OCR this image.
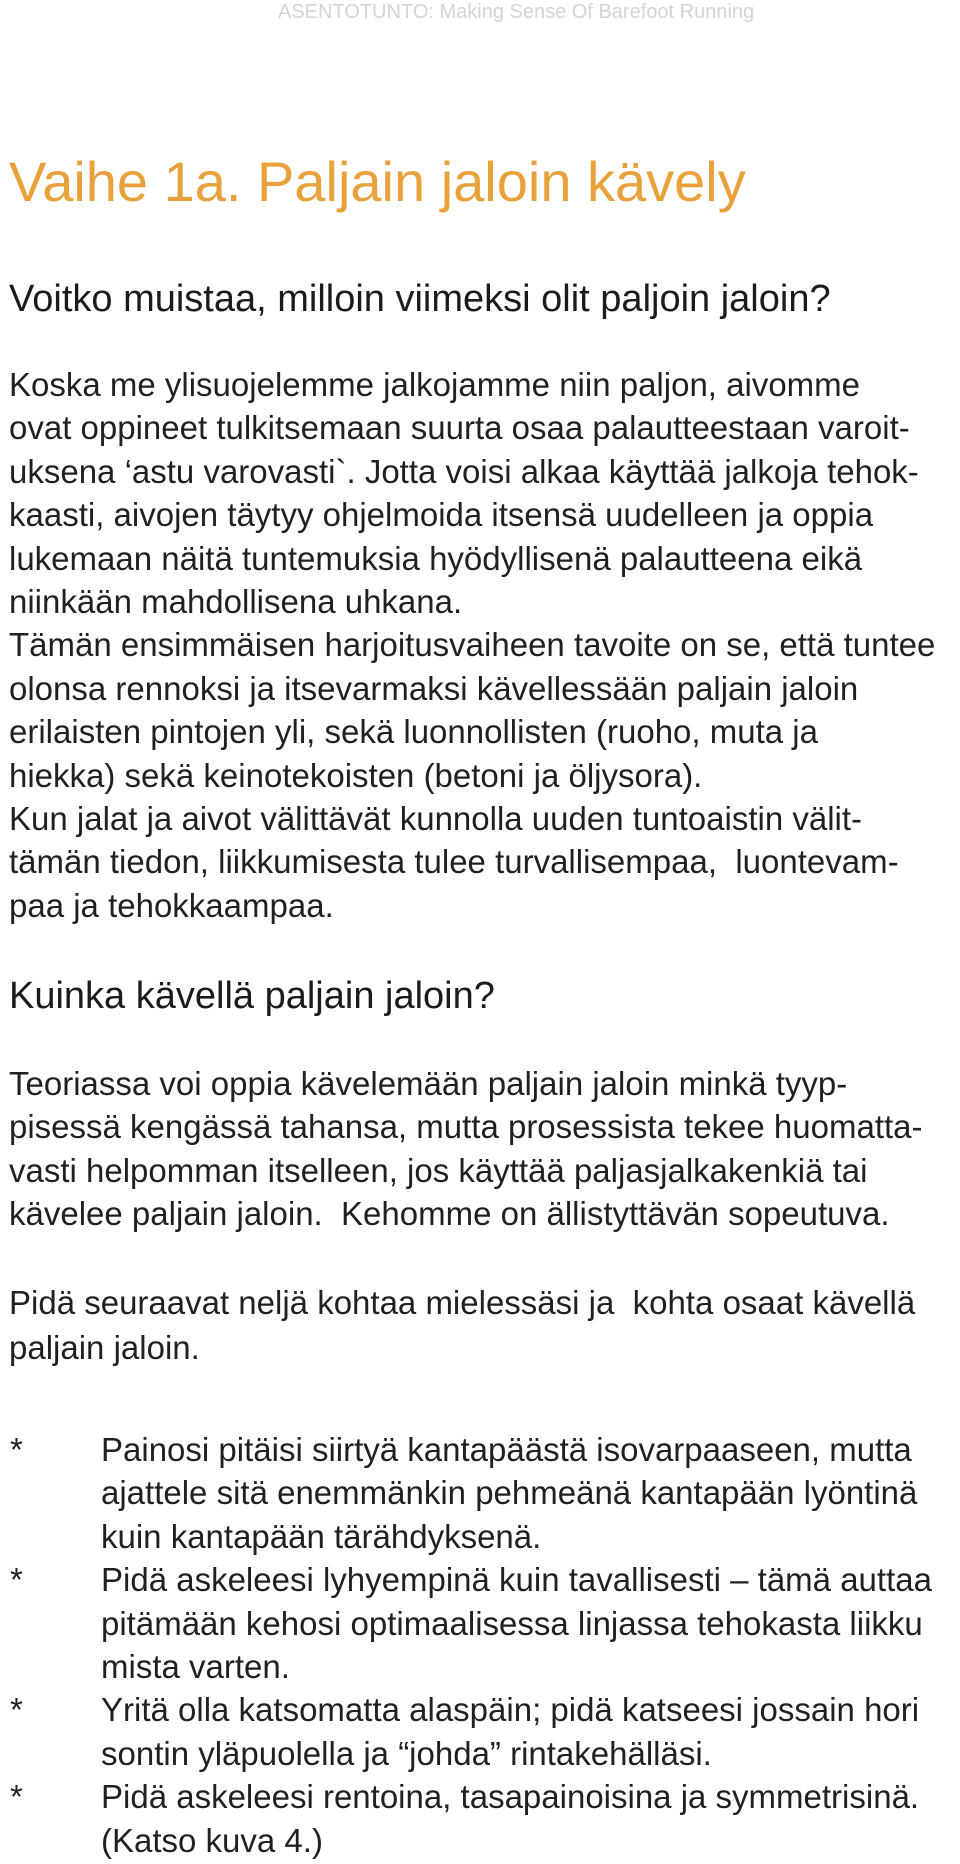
ASENTOTUNTO: Making Sense Of Barefoot Running
Vaihe 1a. Paljain jaloin kävely
Voitko muistaa, milloin viimeksi olit paljoin jaloin?
Koska me ylisuojelemme jalkojamme niin paljon, aivomme
ovat oppineet tulkitsemaan suurta osaa palautteestaan varoit-
uksena ‘astu varovasti`. Jotta voisi alkaa käyttää jalkoja tehok-
kaasti, aivojen täytyy ohjelmoida itsensä uudelleen ja oppia
lukemaan näitä tuntemuksia hyödyllisenä palautteena eikä
niinkään mahdollisena uhkana.
Tämän ensimmäisen harjoitusvaiheen tavoite on se, että tuntee
olonsa rennoksi ja itsevarmaksi kävellessään paljain jaloin
erilaisten pintojen yli, sekä luonnollisten (ruoho, muta ja
hiekka) sekä keinotekoisten (betoni ja öljysora).
Kun jalat ja aivot välittävät kunnolla uuden tuntoaistin välit-
tämän tiedon, liikkumisesta tulee turvallisempaa,  luontevam-
paa ja tehokkaampaa.
Kuinka kävellä paljain jaloin?
Teoriassa voi oppia kävelemään paljain jaloin minkä tyyp-
pisessä kengässä tahansa, mutta prosessista tekee huomatta-
vasti helpomman itselleen, jos käyttää paljasjalkakenkiä tai
kävelee paljain jaloin.  Kehomme on ällistyttävän sopeutuva.
Pidä seuraavat neljä kohtaa mielessäsi ja  kohta osaat kävellä
paljain jaloin.
* Painosi pitäisi siirtyä kantapäästä isovarpaaseen, mutta
ajattele sitä enemmänkin pehmeänä kantapään lyöntinä
kuin kantapään tärähdyksenä.
* Pidä askeleesi lyhyempinä kuin tavallisesti – tämä auttaa
pitämään kehosi optimaalisessa linjassa tehokasta liikku
mista varten.
* Yritä olla katsomatta alaspäin; pidä katseesi jossain hori
sontin yläpuolella ja “johda” rintakehälläsi.
* Pidä askeleesi rentoina, tasapainoisina ja symmetrisinä.
(Katso kuva 4.)
